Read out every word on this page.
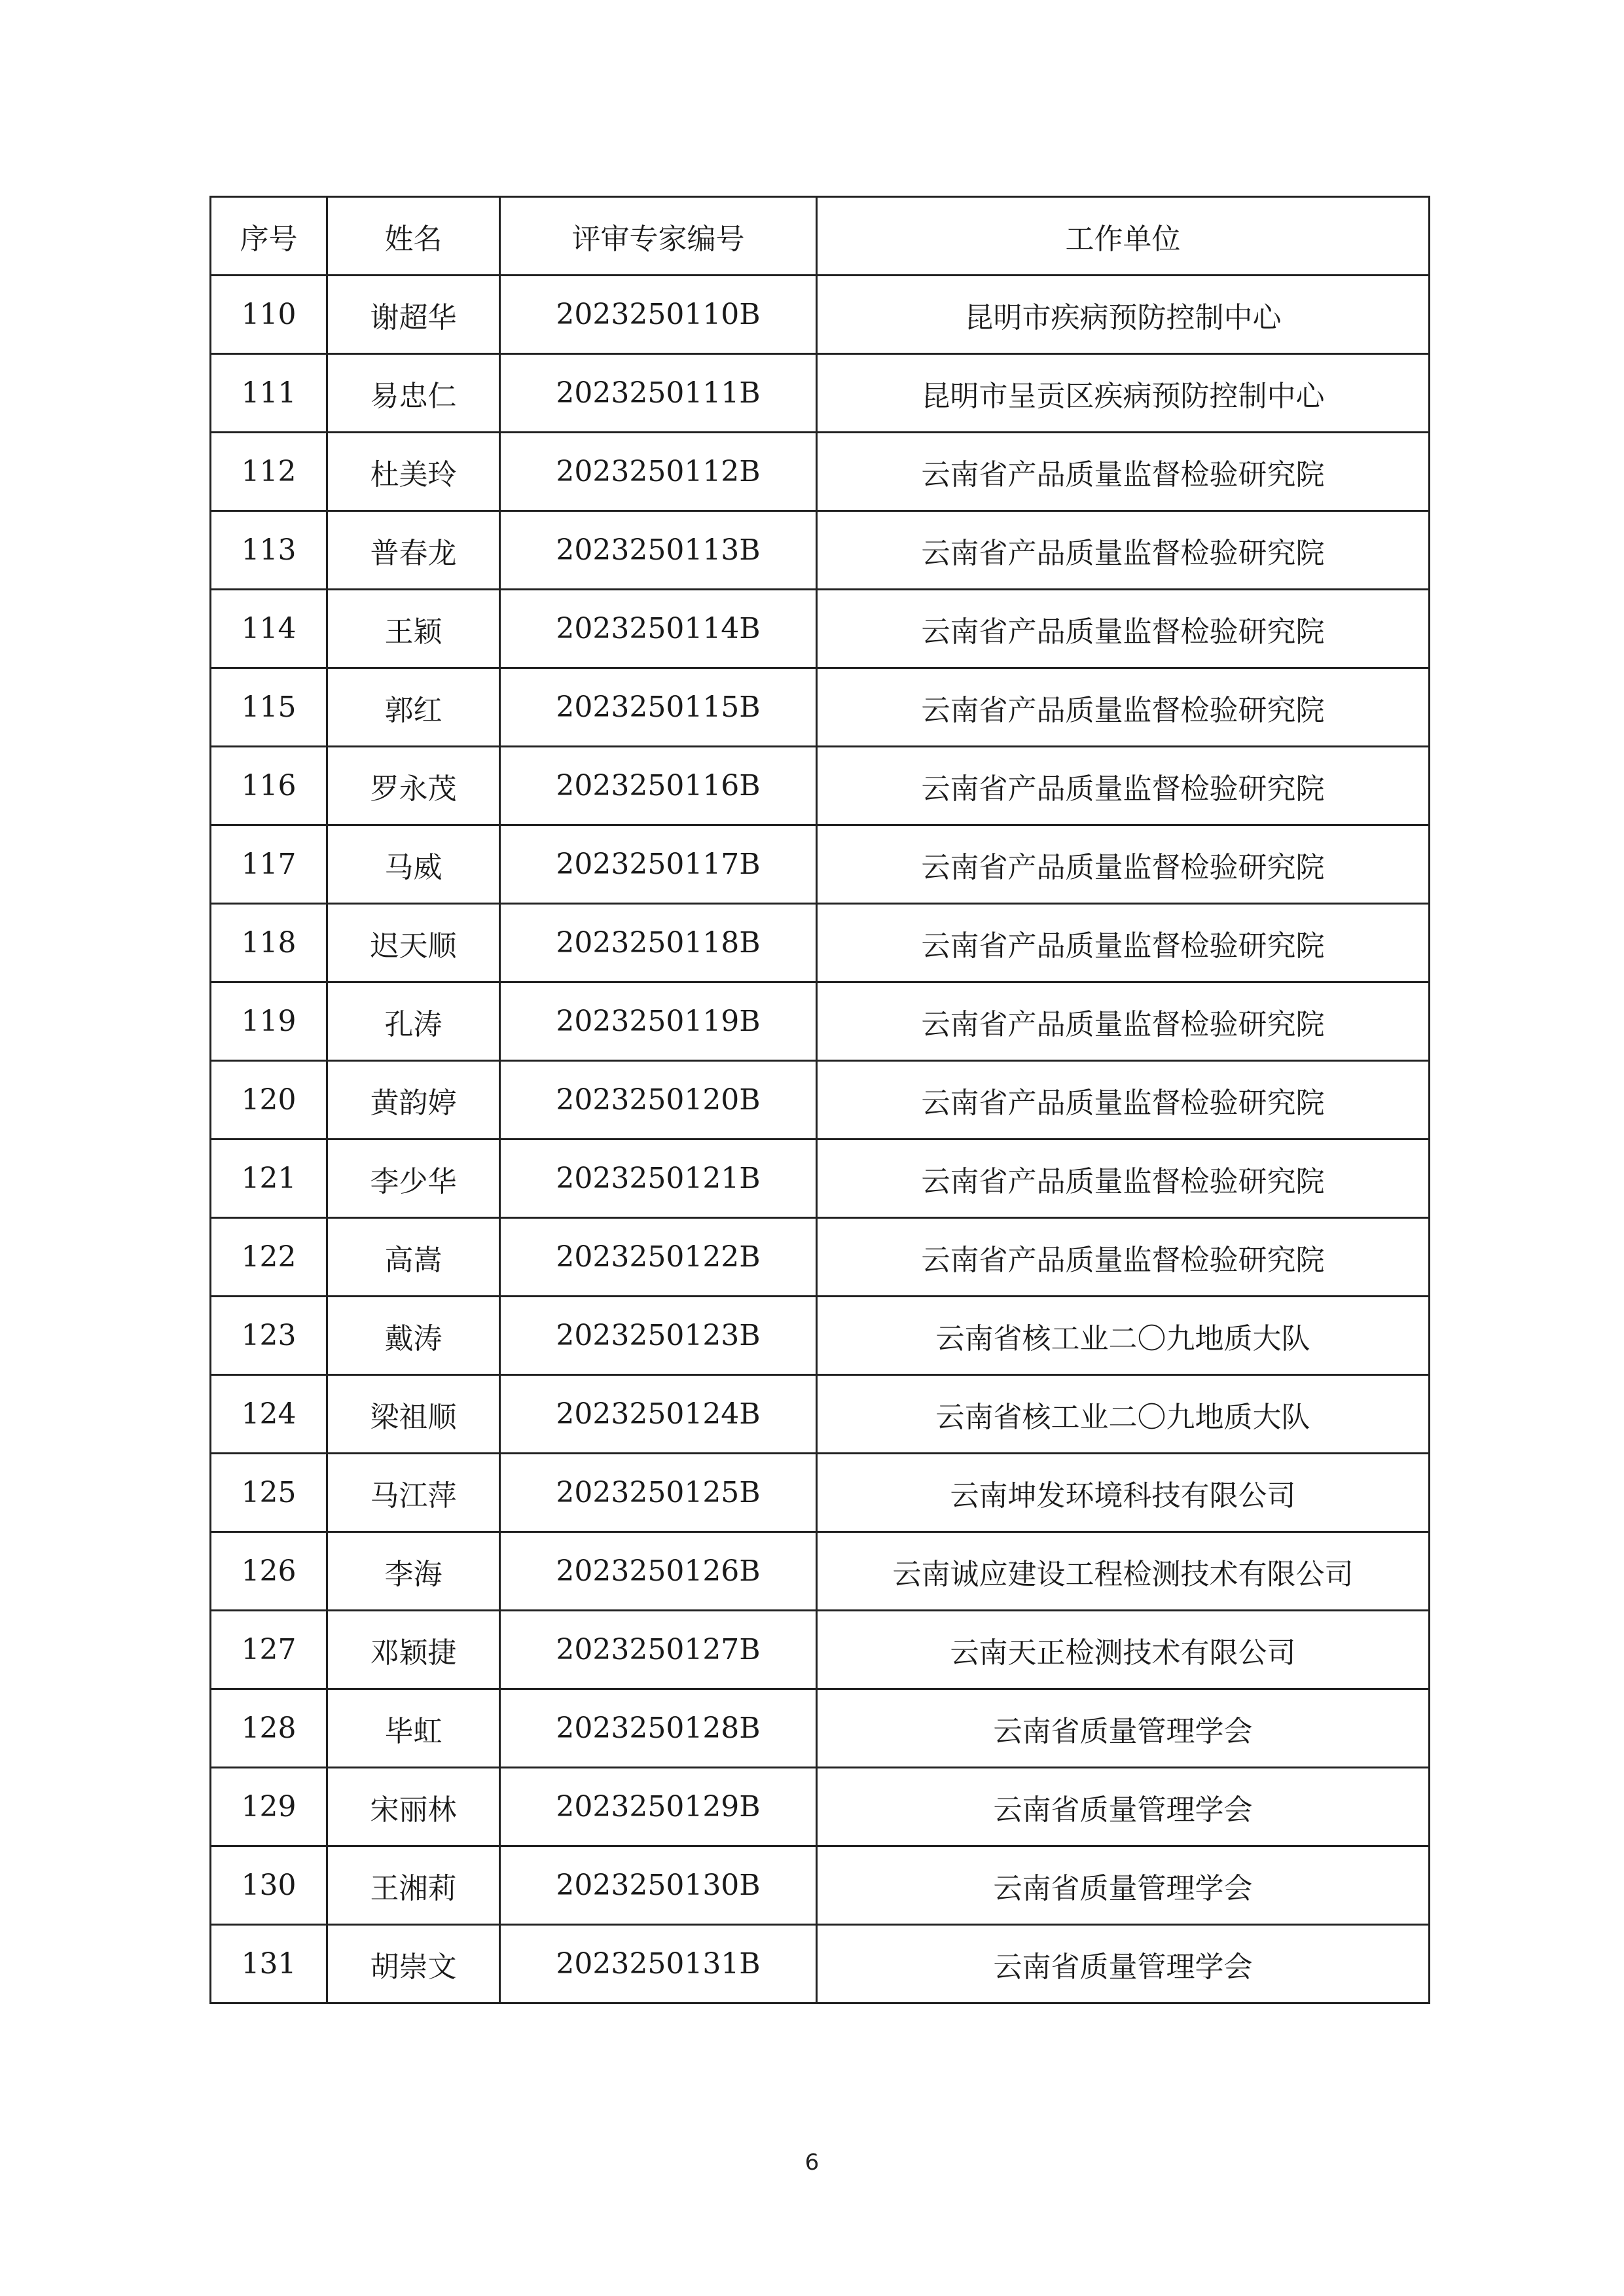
序号	姓名	评审专家编号	工作单位
110	谢超华	2023250110B	昆明市疾病预防控制中心
111	易忠仁	2023250111B	昆明市呈贡区疾病预防控制中心
112	杜美玲	2023250112B	云南省产品质量监督检验研究院
113	普春龙	2023250113B	云南省产品质量监督检验研究院
114	王颖	2023250114B	云南省产品质量监督检验研究院
115	郭红	2023250115B	云南省产品质量监督检验研究院
116	罗永茂	2023250116B	云南省产品质量监督检验研究院
117	马威	2023250117B	云南省产品质量监督检验研究院
118	迟天顺	2023250118B	云南省产品质量监督检验研究院
119	孔涛	2023250119B	云南省产品质量监督检验研究院
120	黄韵婷	2023250120B	云南省产品质量监督检验研究院
121	李少华	2023250121B	云南省产品质量监督检验研究院
122	高嵩	2023250122B	云南省产品质量监督检验研究院
123	戴涛	2023250123B	云南省核工业二〇九地质大队
124	梁祖顺	2023250124B	云南省核工业二〇九地质大队
125	马江萍	2023250125B	云南坤发环境科技有限公司
126	李海	2023250126B	云南诚应建设工程检测技术有限公司
127	邓颖捷	2023250127B	云南天正检测技术有限公司
128	毕虹	2023250128B	云南省质量管理学会
129	宋丽林	2023250129B	云南省质量管理学会
130	王湘莉	2023250130B	云南省质量管理学会
131	胡崇文	2023250131B	云南省质量管理学会
6
